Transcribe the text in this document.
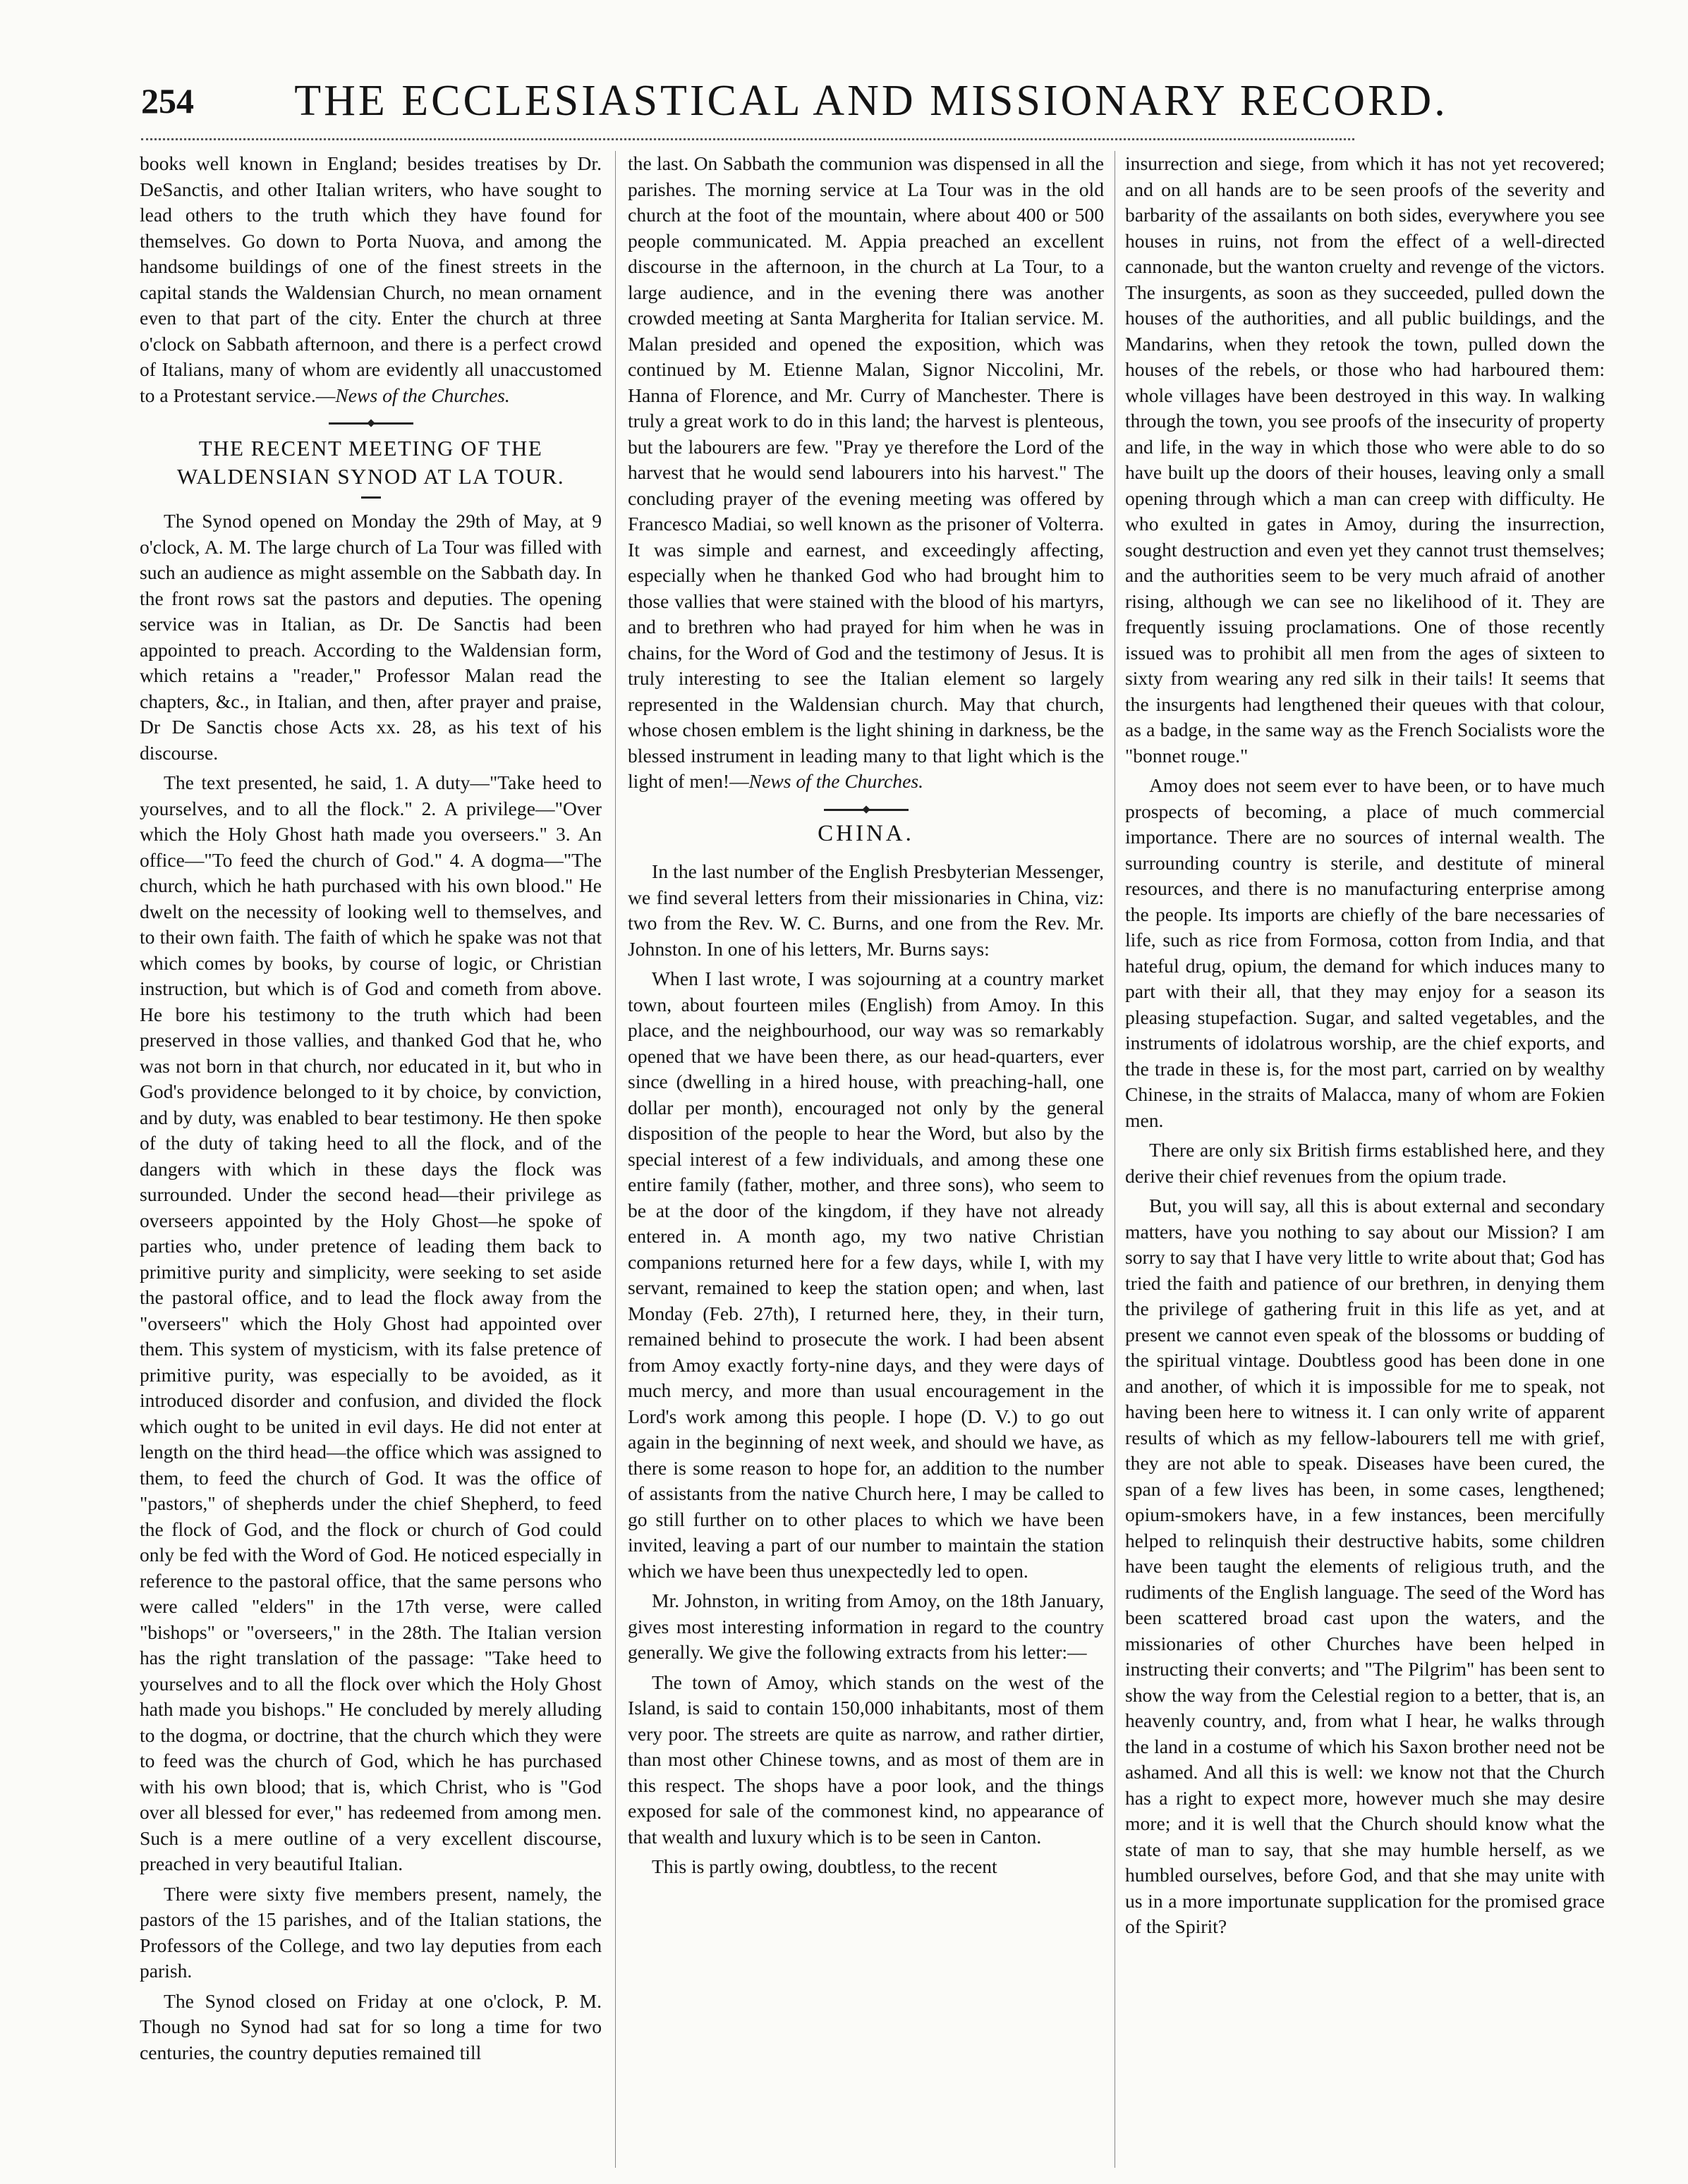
254	THE ECCLESIASTICAL AND MISSIONARY RECORD.

books well known in England; besides treatises by Dr. DeSanctis, and other Italian writers, who have sought to lead others to the truth which they have found for themselves. Go down to Porta Nuova, and among the handsome buildings of one of the finest streets in the capital stands the Waldensian Church, no mean ornament even to that part of the city. Enter the church at three o'clock on Sabbath afternoon, and there is a perfect crowd of Italians, many of whom are evidently all unaccustomed to a Protestant service.—News of the Churches.

THE RECENT MEETING OF THE WALDENSIAN SYNOD AT LA TOUR.

The Synod opened on Monday the 29th of May, at 9 o'clock, A. M. The large church of La Tour was filled with such an audience as might assemble on the Sabbath day. In the front rows sat the pastors and deputies. The opening service was in Italian, as Dr. De Sanctis had been appointed to preach. According to the Waldensian form, which retains a "reader," Professor Malan read the chapters, &c., in Italian, and then, after prayer and praise, Dr De Sanctis chose Acts xx. 28, as his text of his discourse.

The text presented, he said, 1. A duty—"Take heed to yourselves, and to all the flock." 2. A privilege—"Over which the Holy Ghost hath made you overseers." 3. An office—"To feed the church of God." 4. A dogma—"The church, which he hath purchased with his own blood." He dwelt on the necessity of looking well to themselves, and to their own faith. The faith of which he spake was not that which comes by books, by course of logic, or Christian instruction, but which is of God and cometh from above. He bore his testimony to the truth which had been preserved in those vallies, and thanked God that he, who was not born in that church, nor educated in it, but who in God's providence belonged to it by choice, by conviction, and by duty, was enabled to bear testimony. He then spoke of the duty of taking heed to all the flock, and of the dangers with which in these days the flock was surrounded. Under the second head—their privilege as overseers appointed by the Holy Ghost—he spoke of parties who, under pretence of leading them back to primitive purity and simplicity, were seeking to set aside the pastoral office, and to lead the flock away from the "overseers" which the Holy Ghost had appointed over them. This system of mysticism, with its false pretence of primitive purity, was especially to be avoided, as it introduced disorder and confusion, and divided the flock which ought to be united in evil days. He did not enter at length on the third head—the office which was assigned to them, to feed the church of God. It was the office of "pastors," of shepherds under the chief Shepherd, to feed the flock of God, and the flock or church of God could only be fed with the Word of God. He noticed especially in reference to the pastoral office, that the same persons who were called "elders" in the 17th verse, were called "bishops" or "overseers," in the 28th. The Italian version has the right translation of the passage: "Take heed to yourselves and to all the flock over which the Holy Ghost hath made you bishops." He concluded by merely alluding to the dogma, or doctrine, that the church which they were to feed was the church of God, which he has purchased with his own blood; that is, which Christ, who is "God over all blessed for ever," has redeemed from among men. Such is a mere outline of a very excellent discourse, preached in very beautiful Italian.

There were sixty five members present, namely, the pastors of the 15 parishes, and of the Italian stations, the Professors of the College, and two lay deputies from each parish.

The Synod closed on Friday at one o'clock, P. M. Though no Synod had sat for so long a time for two centuries, the country deputies remained till

the last. On Sabbath the communion was dispensed in all the parishes. The morning service at La Tour was in the old church at the foot of the mountain, where about 400 or 500 people communicated. M. Appia preached an excellent discourse in the afternoon, in the church at La Tour, to a large audience, and in the evening there was another crowded meeting at Santa Margherita for Italian service. M. Malan presided and opened the exposition, which was continued by M. Etienne Malan, Signor Niccolini, Mr. Hanna of Florence, and Mr. Curry of Manchester. There is truly a great work to do in this land; the harvest is plenteous, but the labourers are few. "Pray ye therefore the Lord of the harvest that he would send labourers into his harvest." The concluding prayer of the evening meeting was offered by Francesco Madiai, so well known as the prisoner of Volterra. It was simple and earnest, and exceedingly affecting, especially when he thanked God who had brought him to those vallies that were stained with the blood of his martyrs, and to brethren who had prayed for him when he was in chains, for the Word of God and the testimony of Jesus. It is truly interesting to see the Italian element so largely represented in the Waldensian church. May that church, whose chosen emblem is the light shining in darkness, be the blessed instrument in leading many to that light which is the light of men!—News of the Churches.

CHINA.

In the last number of the English Presbyterian Messenger, we find several letters from their missionaries in China, viz: two from the Rev. W. C. Burns, and one from the Rev. Mr. Johnston. In one of his letters, Mr. Burns says:

When I last wrote, I was sojourning at a country market town, about fourteen miles (English) from Amoy. In this place, and the neighbourhood, our way was so remarkably opened that we have been there, as our head-quarters, ever since (dwelling in a hired house, with preaching-hall, one dollar per month), encouraged not only by the general disposition of the people to hear the Word, but also by the special interest of a few individuals, and among these one entire family (father, mother, and three sons), who seem to be at the door of the kingdom, if they have not already entered in. A month ago, my two native Christian companions returned here for a few days, while I, with my servant, remained to keep the station open; and when, last Monday (Feb. 27th), I returned here, they, in their turn, remained behind to prosecute the work. I had been absent from Amoy exactly forty-nine days, and they were days of much mercy, and more than usual encouragement in the Lord's work among this people. I hope (D. V.) to go out again in the beginning of next week, and should we have, as there is some reason to hope for, an addition to the number of assistants from the native Church here, I may be called to go still further on to other places to which we have been invited, leaving a part of our number to maintain the station which we have been thus unexpectedly led to open.

Mr. Johnston, in writing from Amoy, on the 18th January, gives most interesting information in regard to the country generally. We give the following extracts from his letter:—

The town of Amoy, which stands on the west of the Island, is said to contain 150,000 inhabitants, most of them very poor. The streets are quite as narrow, and rather dirtier, than most other Chinese towns, and as most of them are in this respect. The shops have a poor look, and the things exposed for sale of the commonest kind, no appearance of that wealth and luxury which is to be seen in Canton.

This is partly owing, doubtless, to the recent

insurrection and siege, from which it has not yet recovered; and on all hands are to be seen proofs of the severity and barbarity of the assailants on both sides, everywhere you see houses in ruins, not from the effect of a well-directed cannonade, but the wanton cruelty and revenge of the victors. The insurgents, as soon as they succeeded, pulled down the houses of the authorities, and all public buildings, and the Mandarins, when they retook the town, pulled down the houses of the rebels, or those who had harboured them: whole villages have been destroyed in this way. In walking through the town, you see proofs of the insecurity of property and life, in the way in which those who were able to do so have built up the doors of their houses, leaving only a small opening through which a man can creep with difficulty. He who exulted in gates in Amoy, during the insurrection, sought destruction and even yet they cannot trust themselves; and the authorities seem to be very much afraid of another rising, although we can see no likelihood of it. They are frequently issuing proclamations. One of those recently issued was to prohibit all men from the ages of sixteen to sixty from wearing any red silk in their tails! It seems that the insurgents had lengthened their queues with that colour, as a badge, in the same way as the French Socialists wore the "bonnet rouge."

Amoy does not seem ever to have been, or to have much prospects of becoming, a place of much commercial importance. There are no sources of internal wealth. The surrounding country is sterile, and destitute of mineral resources, and there is no manufacturing enterprise among the people. Its imports are chiefly of the bare necessaries of life, such as rice from Formosa, cotton from India, and that hateful drug, opium, the demand for which induces many to part with their all, that they may enjoy for a season its pleasing stupefaction. Sugar, and salted vegetables, and the instruments of idolatrous worship, are the chief exports, and the trade in these is, for the most part, carried on by wealthy Chinese, in the straits of Malacca, many of whom are Fokien men.

There are only six British firms established here, and they derive their chief revenues from the opium trade.

But, you will say, all this is about external and secondary matters, have you nothing to say about our Mission? I am sorry to say that I have very little to write about that; God has tried the faith and patience of our brethren, in denying them the privilege of gathering fruit in this life as yet, and at present we cannot even speak of the blossoms or budding of the spiritual vintage. Doubtless good has been done in one and another, of which it is impossible for me to speak, not having been here to witness it. I can only write of apparent results of which as my fellow-labourers tell me with grief, they are not able to speak. Diseases have been cured, the span of a few lives has been, in some cases, lengthened; opium-smokers have, in a few instances, been mercifully helped to relinquish their destructive habits, some children have been taught the elements of religious truth, and the rudiments of the English language. The seed of the Word has been scattered broad cast upon the waters, and the missionaries of other Churches have been helped in instructing their converts; and "The Pilgrim" has been sent to show the way from the Celestial region to a better, that is, an heavenly country, and, from what I hear, he walks through the land in a costume of which his Saxon brother need not be ashamed. And all this is well: we know not that the Church has a right to expect more, however much she may desire more; and it is well that the Church should know what the state of man to say, that she may humble herself, as we humbled ourselves, before God, and that she may unite with us in a more importunate supplication for the promised grace of the Spirit?
